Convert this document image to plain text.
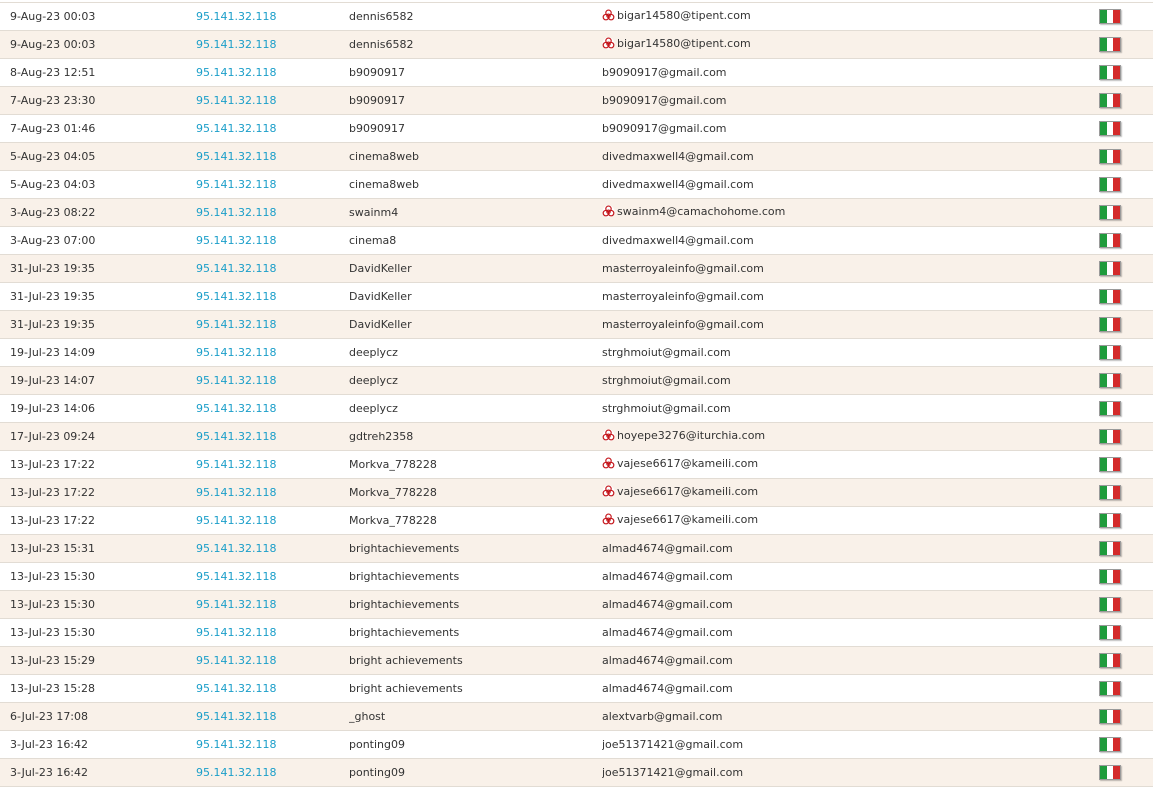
9-Aug-23 00:03	95.141.32.118	dennis6582	bigar14580@tipent.com		

9-Aug-23 00:03	95.141.32.118	dennis6582	bigar14580@tipent.com		

8-Aug-23 12:51	95.141.32.118	b9090917	b9090917@gmail.com		

7-Aug-23 23:30	95.141.32.118	b9090917	b9090917@gmail.com		

7-Aug-23 01:46	95.141.32.118	b9090917	b9090917@gmail.com		

5-Aug-23 04:05	95.141.32.118	cinema8web	divedmaxwell4@gmail.com		

5-Aug-23 04:03	95.141.32.118	cinema8web	divedmaxwell4@gmail.com		

3-Aug-23 08:22	95.141.32.118	swainm4	swainm4@camachohome.com		

3-Aug-23 07:00	95.141.32.118	cinema8	divedmaxwell4@gmail.com		

31-Jul-23 19:35	95.141.32.118	DavidKeller	masterroyaleinfo@gmail.com		

31-Jul-23 19:35	95.141.32.118	DavidKeller	masterroyaleinfo@gmail.com		

31-Jul-23 19:35	95.141.32.118	DavidKeller	masterroyaleinfo@gmail.com		

19-Jul-23 14:09	95.141.32.118	deeplycz	strghmoiut@gmail.com		

19-Jul-23 14:07	95.141.32.118	deeplycz	strghmoiut@gmail.com		

19-Jul-23 14:06	95.141.32.118	deeplycz	strghmoiut@gmail.com		

17-Jul-23 09:24	95.141.32.118	gdtreh2358	hoyepe3276@iturchia.com		

13-Jul-23 17:22	95.141.32.118	Morkva_778228	vajese6617@kameili.com		

13-Jul-23 17:22	95.141.32.118	Morkva_778228	vajese6617@kameili.com		

13-Jul-23 17:22	95.141.32.118	Morkva_778228	vajese6617@kameili.com		

13-Jul-23 15:31	95.141.32.118	brightachievements	almad4674@gmail.com		

13-Jul-23 15:30	95.141.32.118	brightachievements	almad4674@gmail.com		

13-Jul-23 15:30	95.141.32.118	brightachievements	almad4674@gmail.com		

13-Jul-23 15:30	95.141.32.118	brightachievements	almad4674@gmail.com		

13-Jul-23 15:29	95.141.32.118	bright achievements	almad4674@gmail.com		

13-Jul-23 15:28	95.141.32.118	bright achievements	almad4674@gmail.com		

6-Jul-23 17:08	95.141.32.118	_ghost	alextvarb@gmail.com		

3-Jul-23 16:42	95.141.32.118	ponting09	joe51371421@gmail.com		

3-Jul-23 16:42	95.141.32.118	ponting09	joe51371421@gmail.com		
